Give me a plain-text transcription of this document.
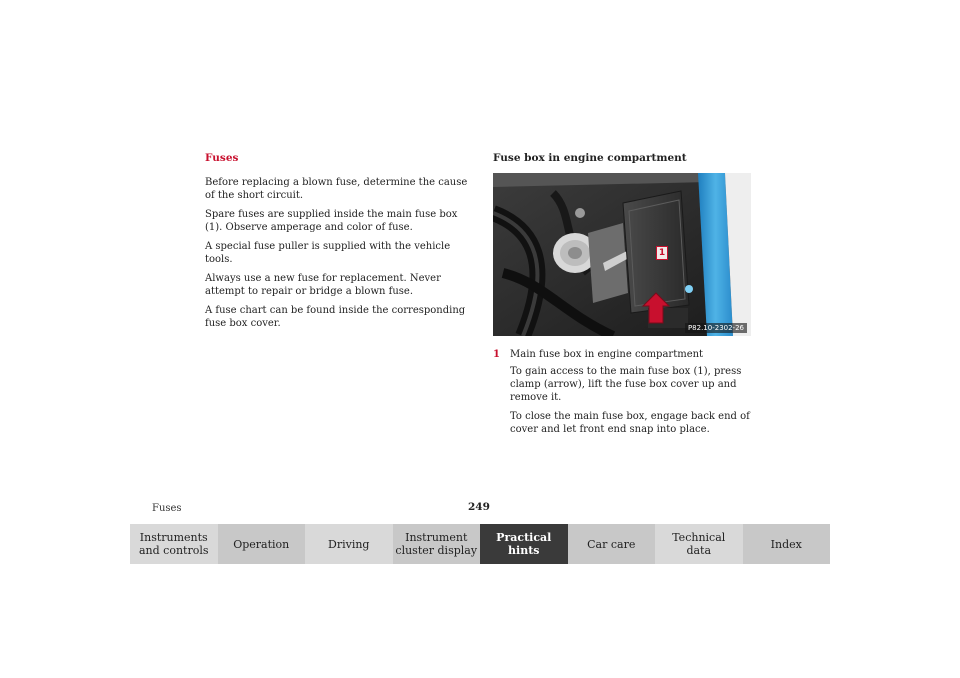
Fuses

Before replacing a blown fuse, determine the cause of the short circuit.

Spare fuses are supplied inside the main fuse box (1). Observe amperage and color of fuse.

A special fuse puller is supplied with the vehicle tools.

Always use a new fuse for replacement. Never attempt to repair or bridge a blown fuse.

A fuse chart can be found inside the corresponding fuse box cover.

Fuse box in engine compartment
1
P82.10-2302-26
1	Main fuse box in engine compartment

To gain access to the main fuse box (1), press clamp (arrow), lift the fuse box cover up and remove it.

To close the main fuse box, engage back end of cover and let front end snap into place.

Fuses	249
Instruments
and controls Operation	Driving	Instrument
cluster display
Practical hints	Car care	Technical
data	Index
